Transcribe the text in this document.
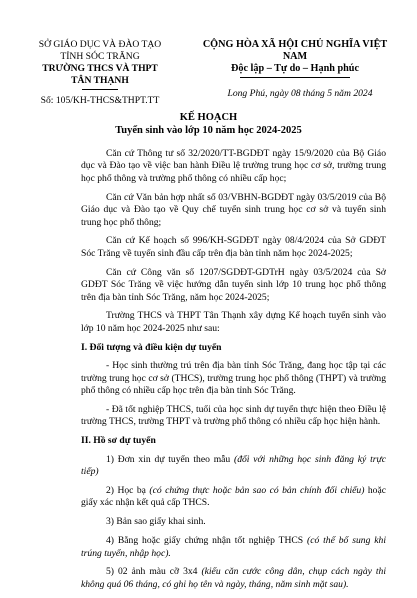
SỞ GIÁO DỤC VÀ ĐÀO TẠO
TỈNH SÓC TRĂNG
TRƯỜNG THCS VÀ THPT
TÂN THẠNH
Số: 105/KH-THCS&THPT.TT
CỘNG HÒA XÃ HỘI CHỦ NGHĨA VIỆT NAM
Độc lập – Tự do – Hạnh phúc
Long Phú, ngày 08 tháng 5 năm 2024
KẾ HOẠCH
Tuyển sinh vào lớp 10 năm học 2024-2025

Căn cứ Thông tư số 32/2020/TT-BGDĐT ngày 15/9/2020 của Bộ Giáo dục và Đào tạo về việc ban hành Điều lệ trường trung học cơ sở, trường trung học phổ thông và trường phổ thông có nhiều cấp học;

Căn cứ Văn bản hợp nhất số 03/VBHN-BGDĐT ngày 03/5/2019 của Bộ Giáo dục và Đào tạo về Quy chế tuyển sinh trung học cơ sở và tuyển sinh trung học phổ thông;

Căn cứ Kế hoạch số 996/KH-SGDĐT ngày 08/4/2024 của Sở GDĐT Sóc Trăng về tuyển sinh đầu cấp trên địa bàn tỉnh năm học 2024-2025;

Căn cứ Công văn số 1207/SGDĐT-GDTrH ngày 03/5/2024 của Sở GDĐT Sóc Trăng về việc hướng dẫn tuyển sinh lớp 10 trung học phổ thông trên địa bàn tỉnh Sóc Trăng, năm học 2024-2025;

Trường THCS và THPT Tân Thạnh xây dựng Kế hoạch tuyển sinh vào lớp 10 năm học 2024-2025 như sau:

I. Đối tượng và điều kiện dự tuyển

- Học sinh thường trú trên địa bàn tỉnh Sóc Trăng, đang học tập tại các trường trung học cơ sở (THCS), trường trung học phổ thông (THPT) và trường phổ thông có nhiều cấp học trên địa bàn tỉnh Sóc Trăng.

- Đã tốt nghiệp THCS, tuổi của học sinh dự tuyển thực hiện theo Điều lệ trường THCS, trường THPT và trường phổ thông có nhiều cấp học hiện hành.

II. Hồ sơ dự tuyển

1) Đơn xin dự tuyển theo mẫu (đối với những học sinh đăng ký trực tiếp)

2) Học bạ (có chứng thực hoặc bản sao có bản chính đối chiếu) hoặc giấy xác nhận kết quả cấp THCS.

3) Bản sao giấy khai sinh.

4) Bằng hoặc giấy chứng nhận tốt nghiệp THCS (có thể bổ sung khi trúng tuyển, nhập học).

5) 02 ảnh màu cỡ 3x4 (kiểu căn cước công dân, chụp cách ngày thi không quá 06 tháng, có ghi họ tên và ngày, tháng, năm sinh mặt sau).
